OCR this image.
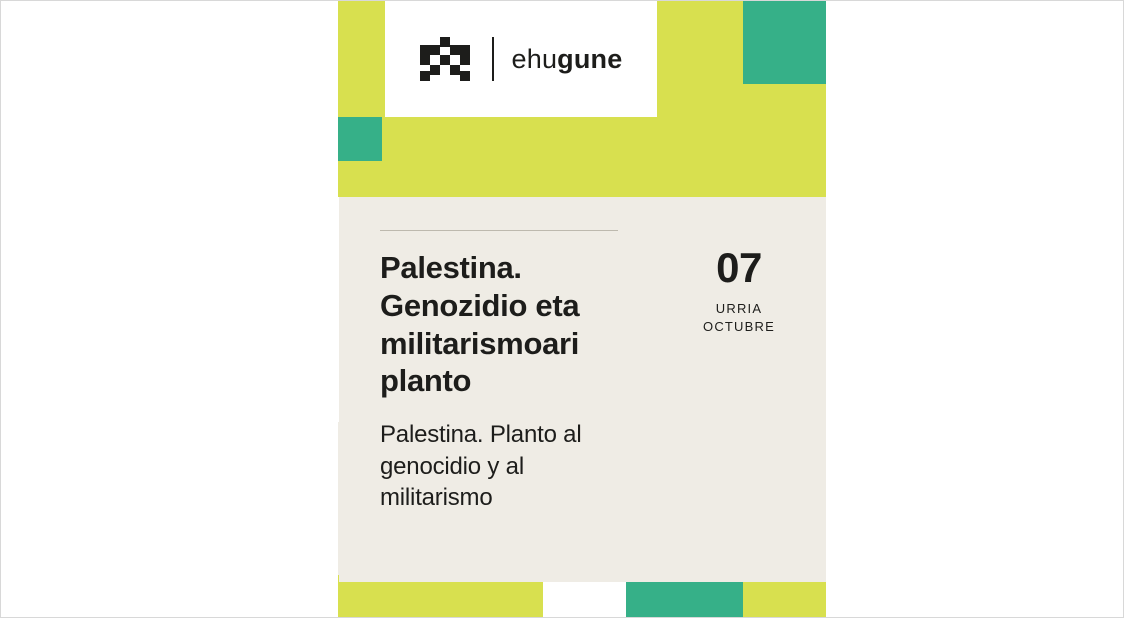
ehugune
Palestina. Genozidio eta militarismoari planto
Palestina. Planto al genocidio y al militarismo
07
URRIA
OCTUBRE
